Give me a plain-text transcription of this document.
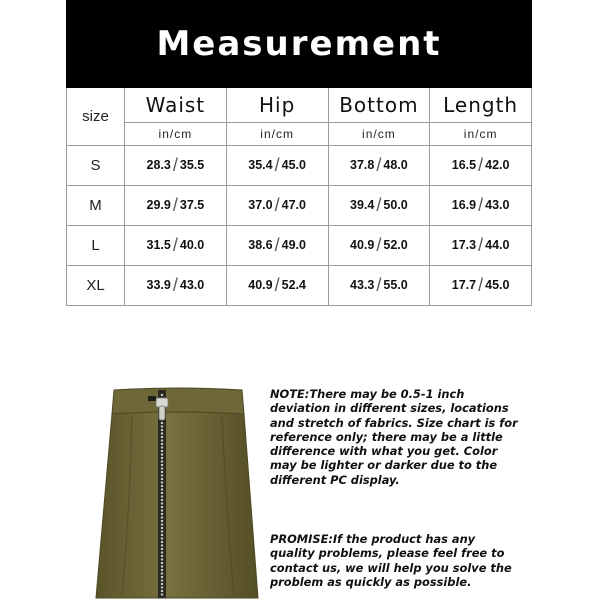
Measurement
size	Waist	Hip	Bottom	Length
	in/cm	in/cm	in/cm	in/cm
S	28.3 / 35.5	35.4 / 45.0	37.8 / 48.0	16.5 / 42.0
M	29.9 / 37.5	37.0 / 47.0	39.4 / 50.0	16.9 / 43.0
L	31.5 / 40.0	38.6 / 49.0	40.9 / 52.0	17.3 / 44.0
XL	33.9 / 43.0	40.9 / 52.4	43.3 / 55.0	17.7 / 45.0

NOTE:There may be 0.5-1 inch deviation in different sizes, locations and stretch of fabrics. Size chart is for reference only; there may be a little difference with what you get. Color may be lighter or darker due to the different PC display.

PROMISE:If the product has any quality problems, please feel free to contact us, we will help you solve the problem as quickly as possible.
